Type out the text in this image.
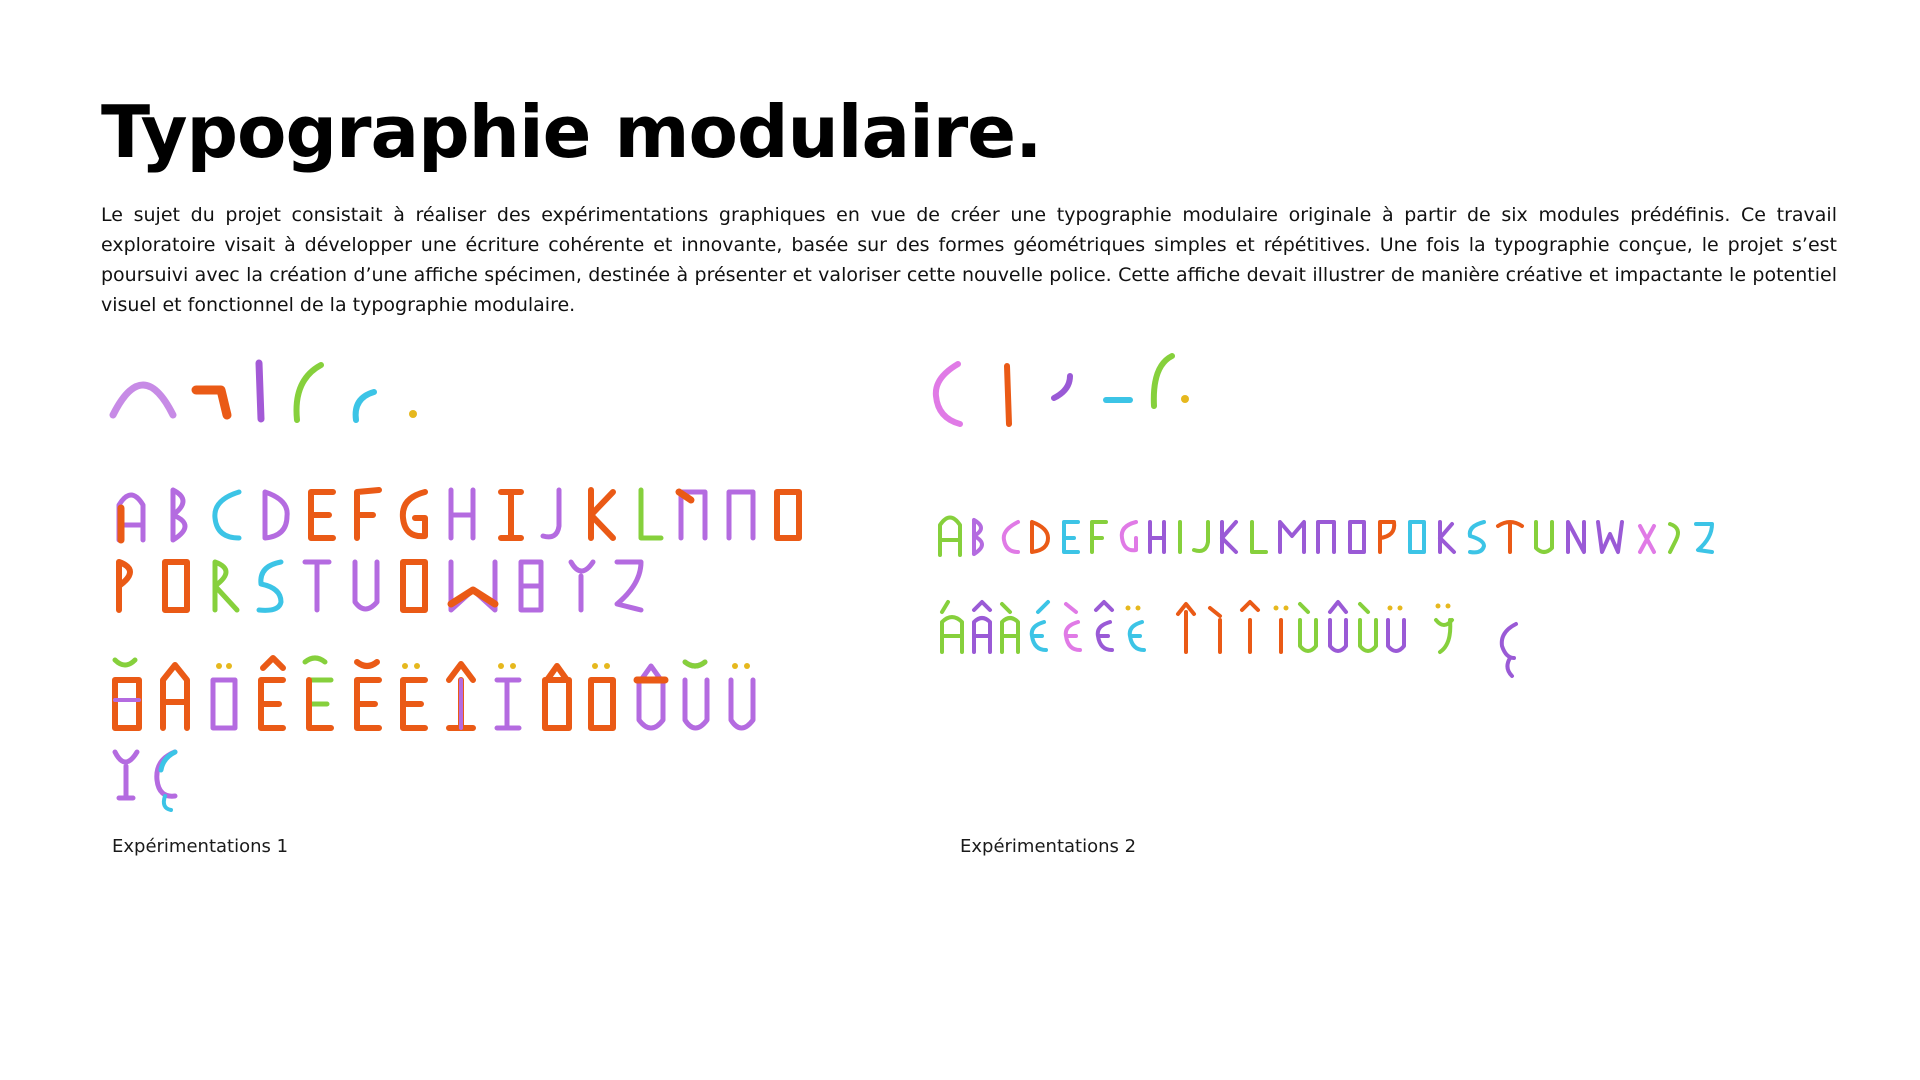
Typographie modulaire.

Le sujet du projet consistait à réaliser des expérimentations graphiques en vue de créer une typographie modulaire originale à partir de six modules prédéfinis. Ce travail exploratoire visait à développer une écriture cohérente et innovante, basée sur des formes géométriques simples et répétitives. Une fois la typographie conçue, le projet s’est poursuivi avec la création d’une affiche spécimen, destinée à présenter et valoriser cette nouvelle police. Cette affiche devait illustrer de manière créative et impactante le potentiel visuel et fonctionnel de la typographie modulaire.

Expérimentations 1	Expérimentations 2
